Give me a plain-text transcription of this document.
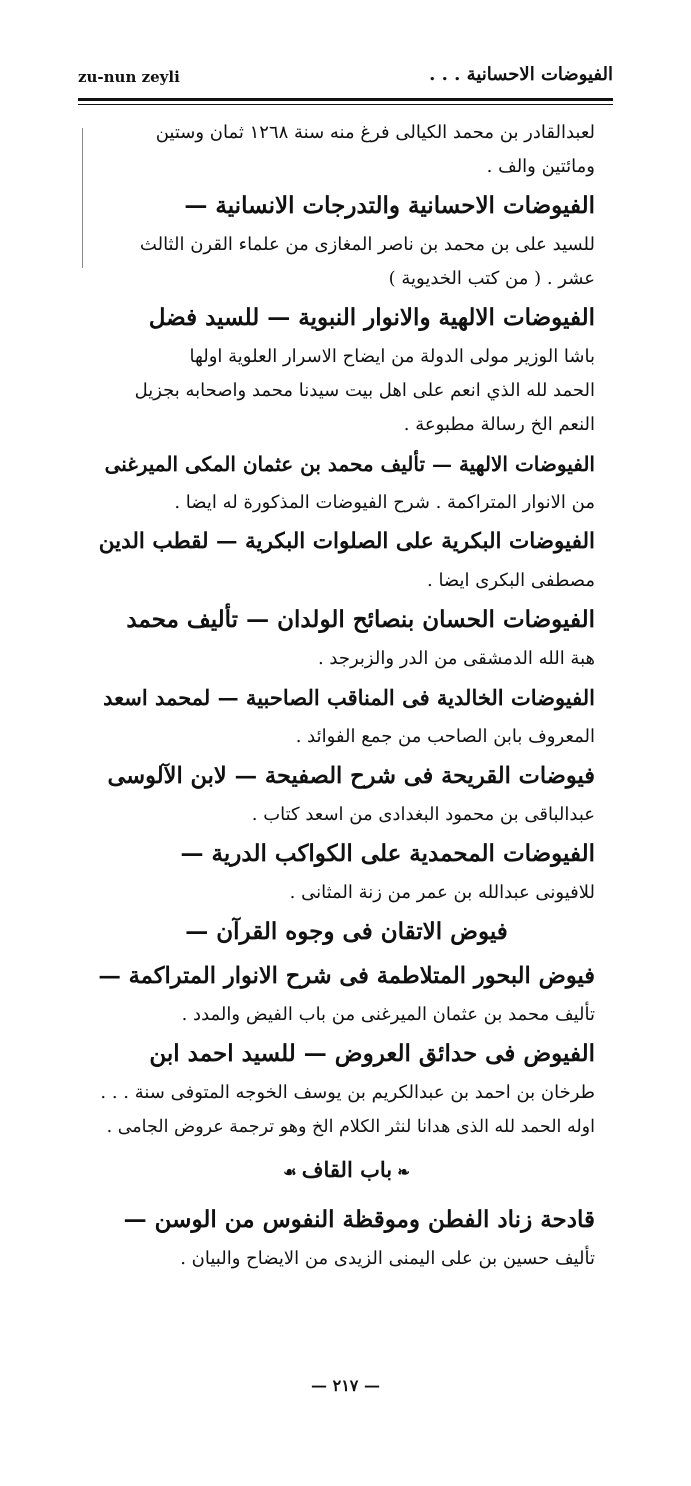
zu-nun zeyli	الفيوضات الاحسانية . . .
لعبدالقادر بن محمد الكيالى فرغ منه سنة ١٢٦٨ ثمان وستين
ومائتين والف .
الفيوضات الاحسانية والتدرجات الانسانية —
للسيد على بن محمد بن ناصر المغازى من علماء القرن الثالث
عشر . ( من كتب الخديوية )
الفيوضات الالهية والانوار النبوية — للسيد فضل
باشا الوزير مولى الدولة من ايضاح الاسرار العلوية اولها
الحمد لله الذي انعم على اهل بيت سيدنا محمد واصحابه بجزيل
النعم الخ رسالة مطبوعة .
الفيوضات الالهية — تأليف محمد بن عثمان المكى الميرغنى
من الانوار المتراكمة . شرح الفيوضات المذكورة له ايضا .
الفيوضات البكرية على الصلوات البكرية — لقطب الدين
مصطفى البكرى ايضا .
الفيوضات الحسان بنصائح الولدان — تأليف محمد
هبة الله الدمشقى من الدر والزبرجد .
الفيوضات الخالدية فى المناقب الصاحبية — لمحمد اسعد
المعروف بابن الصاحب من جمع الفوائد .
فيوضات القريحة فى شرح الصفيحة — لابن الآلوسى
عبدالباقى بن محمود البغدادى من اسعد كتاب .
الفيوضات المحمدية على الكواكب الدرية —
للافيونى عبدالله بن عمر من زنة المثانى .
فيوض الاتقان فى وجوه القرآن —
فيوض البحور المتلاطمة فى شرح الانوار المتراكمة —
تأليف محمد بن عثمان الميرغنى من باب الفيض والمدد .
الفيوض فى حدائق العروض — للسيد احمد ابن
طرخان بن احمد بن عبدالكريم بن يوسف الخوجه المتوفى سنة . . .
اوله الحمد لله الذى هدانا لنثر الكلام الخ وهو ترجمة عروض الجامى .
❧ باب القاف ☙
قادحة زناد الفطن وموقظة النفوس من الوسن —
تأليف حسين بن على اليمنى الزيدى من الايضاح والبيان .
— ٢١٧ —
